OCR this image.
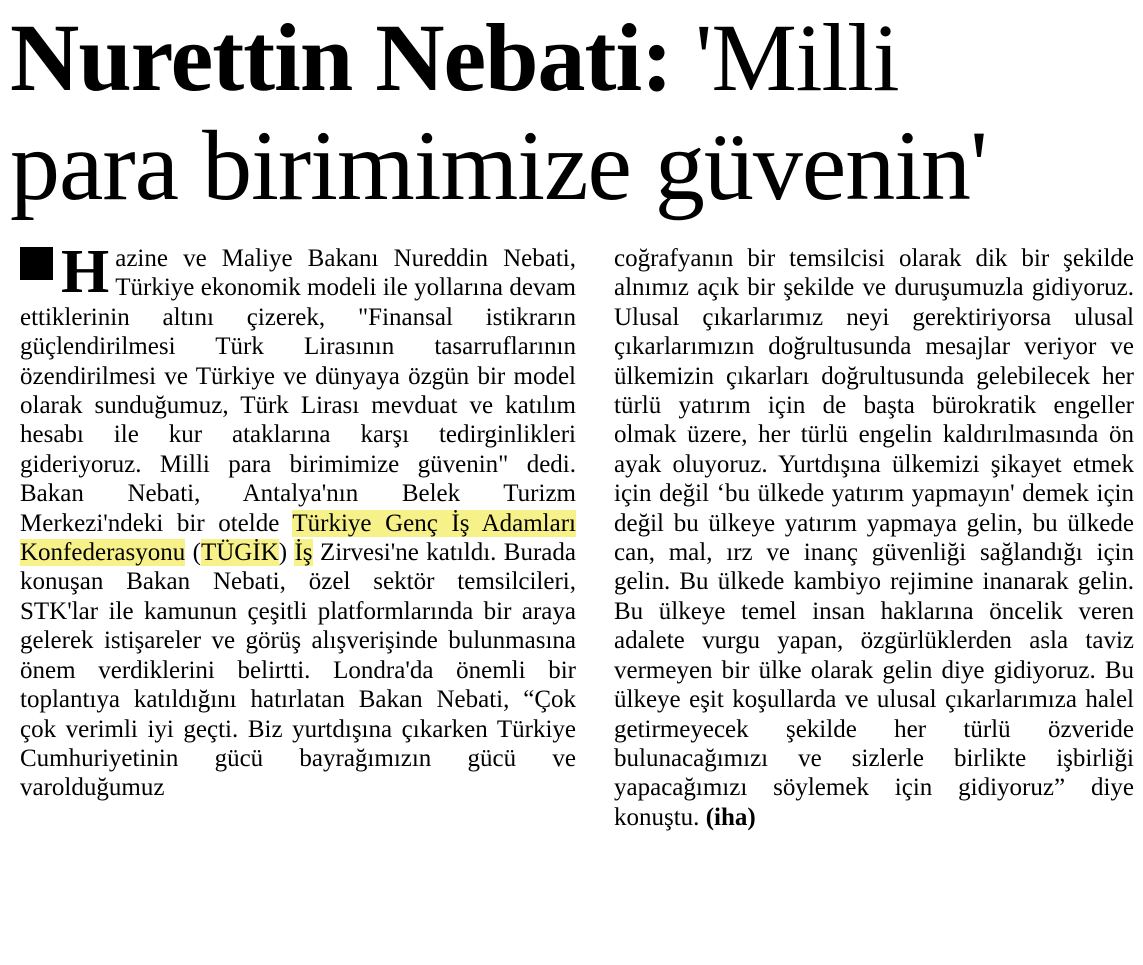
Nurettin Nebati: 'Milli
para birimimize güvenin'

Hazine ve Maliye Bakanı Nureddin Nebati, Türkiye ekonomik modeli ile yollarına devam ettiklerinin altını çizerek, "Finansal istikrarın güçlendirilmesi Türk Lirasının tasarruflarının özendirilmesi ve Türkiye ve dünyaya özgün bir model olarak sunduğumuz, Türk Lirası mevduat ve katılım hesabı ile kur ataklarına karşı tedirginlikleri gideriyoruz. Milli para birimimize güvenin" dedi. Bakan Nebati, Antalya'nın Belek Turizm Merkezi'ndeki bir otelde Türkiye Genç İş Adamları Konfederasyonu (TÜGİK) İş Zirvesi'ne katıldı. Burada konuşan Bakan Nebati, özel sektör temsilcileri, STK'lar ile kamunun çeşitli platformlarında bir araya gelerek istişareler ve görüş alışverişinde bulunmasına önem verdiklerini belirtti. Londra'da önemli bir toplantıya katıldığını hatırlatan Bakan Nebati, “Çok çok verimli iyi geçti. Biz yurtdışına çıkarken Türkiye Cumhuriyetinin gücü bayrağımızın gücü ve varolduğumuz

coğrafyanın bir temsilcisi olarak dik bir şekilde alnımız açık bir şekilde ve duruşumuzla gidiyoruz. Ulusal çıkarlarımız neyi gerektiriyorsa ulusal çıkarlarımızın doğrultusunda mesajlar veriyor ve ülkemizin çıkarları doğrultusunda gelebilecek her türlü yatırım için de başta bürokratik engeller olmak üzere, her türlü engelin kaldırılmasında ön ayak oluyoruz. Yurtdışına ülkemizi şikayet etmek için değil ‘bu ülkede yatırım yapmayın' demek için değil bu ülkeye yatırım yapmaya gelin, bu ülkede can, mal, ırz ve inanç güvenliği sağlandığı için gelin. Bu ülkede kambiyo rejimine inanarak gelin. Bu ülkeye temel insan haklarına öncelik veren adalete vurgu yapan, özgürlüklerden asla taviz vermeyen bir ülke olarak gelin diye gidiyoruz. Bu ülkeye eşit koşullarda ve ulusal çıkarlarımıza halel getirmeyecek şekilde her türlü özveride bulunacağımızı ve sizlerle birlikte işbirliği yapacağımızı söylemek için gidiyoruz” diye konuştu. (iha)
